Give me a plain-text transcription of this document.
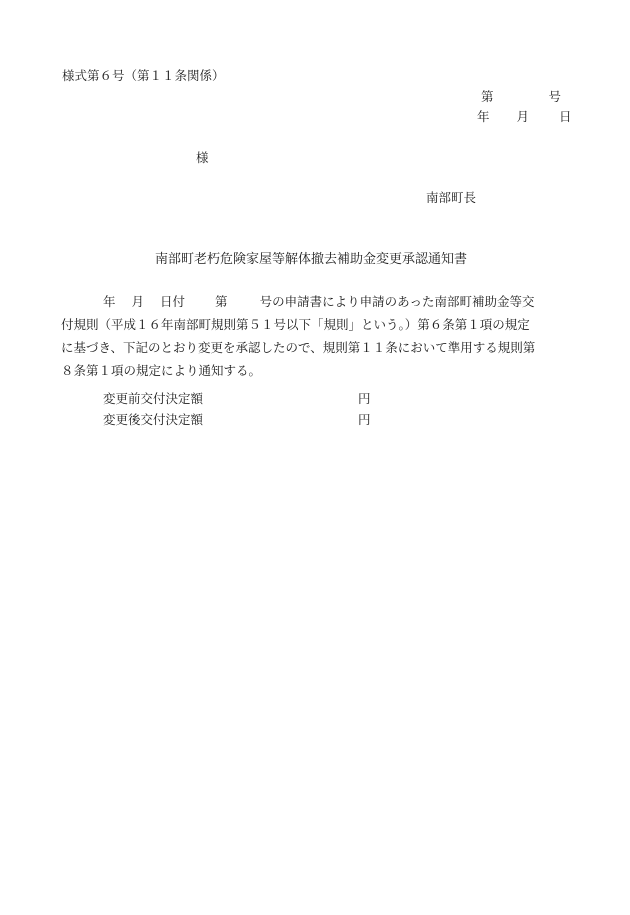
様式第６号（第１１条関係）
第	号
年 月 日
様
南部町長
南部町老朽危険家屋等解体撤去補助金変更承認通知書
年 月 日付 第	号の申請書により申請のあった南部町補助金等交
付規則（平成１６年南部町規則第５１号以下「規則」という。）第６条第１項の規定
に基づき、下記のとおり変更を承認したので、規則第１１条において準用する規則第
８条第１項の規定により通知する。
変更前交付決定額	円
変更後交付決定額	円
